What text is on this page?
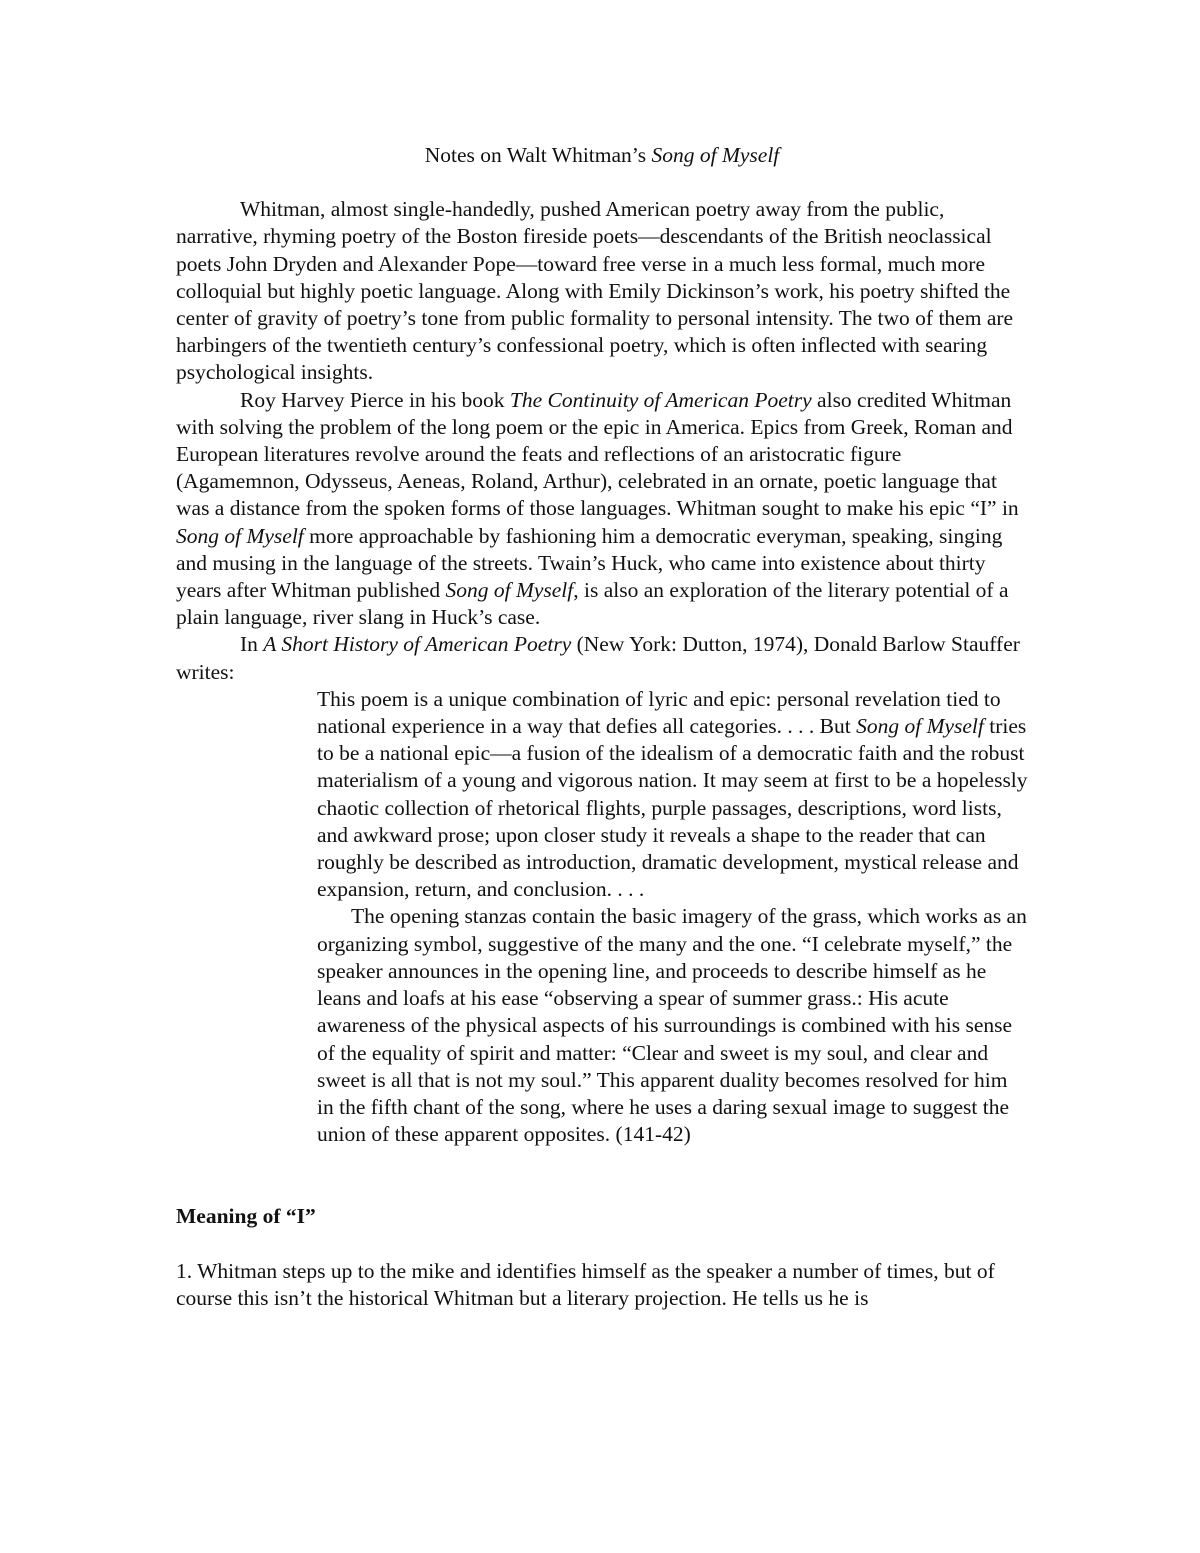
Notes on Walt Whitman’s Song of Myself

Whitman, almost single-handedly, pushed American poetry away from the public, narrative, rhyming poetry of the Boston fireside poets—descendants of the British neoclassical poets John Dryden and Alexander Pope—toward free verse in a much less formal, much more colloquial but highly poetic language. Along with Emily Dickinson’s work, his poetry shifted the center of gravity of poetry’s tone from public formality to personal intensity. The two of them are harbingers of the twentieth century’s confessional poetry, which is often inflected with searing psychological insights.

Roy Harvey Pierce in his book The Continuity of American Poetry also credited Whitman with solving the problem of the long poem or the epic in America. Epics from Greek, Roman and European literatures revolve around the feats and reflections of an aristocratic figure (Agamemnon, Odysseus, Aeneas, Roland, Arthur), celebrated in an ornate, poetic language that was a distance from the spoken forms of those languages. Whitman sought to make his epic “I” in Song of Myself more approachable by fashioning him a democratic everyman, speaking, singing and musing in the language of the streets. Twain’s Huck, who came into existence about thirty years after Whitman published Song of Myself, is also an exploration of the literary potential of a plain language, river slang in Huck’s case.

In A Short History of American Poetry (New York: Dutton, 1974), Donald Barlow Stauffer writes:

This poem is a unique combination of lyric and epic: personal revelation tied to national experience in a way that defies all categories. . . . But Song of Myself tries to be a national epic—a fusion of the idealism of a democratic faith and the robust materialism of a young and vigorous nation. It may seem at first to be a hopelessly chaotic collection of rhetorical flights, purple passages, descriptions, word lists, and awkward prose; upon closer study it reveals a shape to the reader that can roughly be described as introduction, dramatic development, mystical release and expansion, return, and conclusion. . . .

The opening stanzas contain the basic imagery of the grass, which works as an organizing symbol, suggestive of the many and the one. “I celebrate myself,” the speaker announces in the opening line, and proceeds to describe himself as he leans and loafs at his ease “observing a spear of summer grass.: His acute awareness of the physical aspects of his surroundings is combined with his sense of the equality of spirit and matter: “Clear and sweet is my soul, and clear and sweet is all that is not my soul.” This apparent duality becomes resolved for him in the fifth chant of the song, where he uses a daring sexual image to suggest the union of these apparent opposites. (141-42)

Meaning of “I”

1. Whitman steps up to the mike and identifies himself as the speaker a number of times, but of course this isn’t the historical Whitman but a literary projection. He tells us he is
